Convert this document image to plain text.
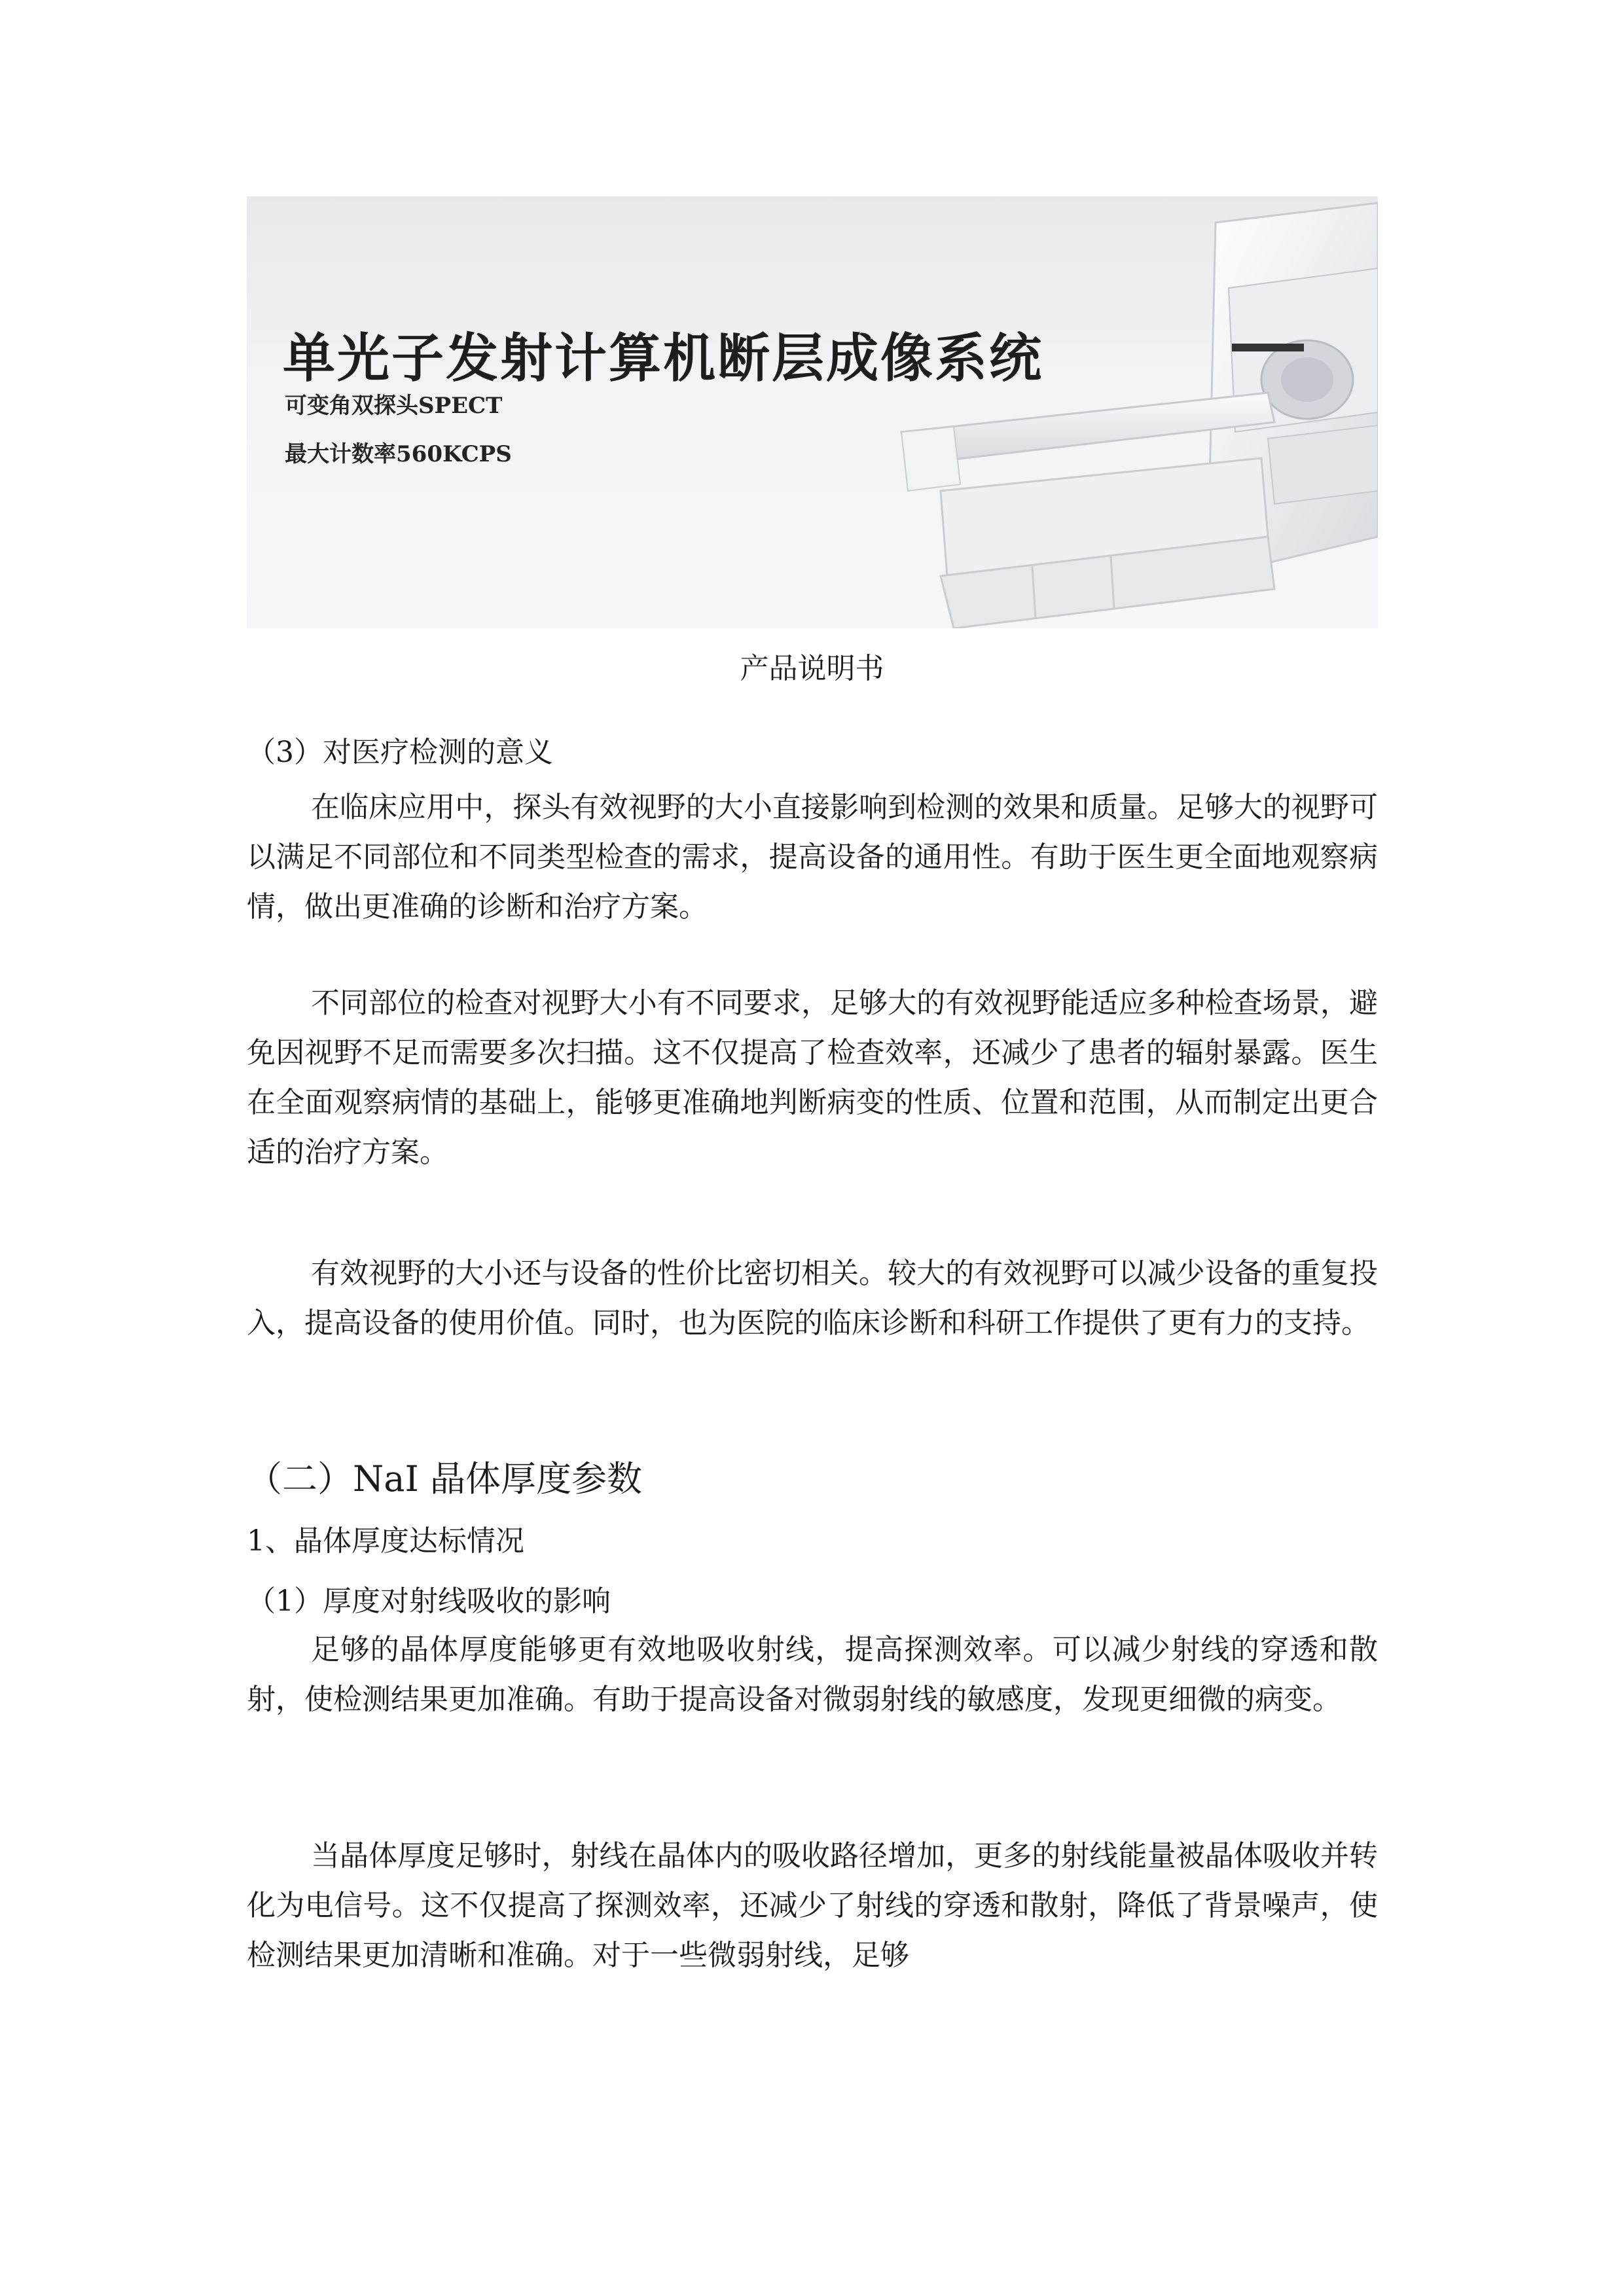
单光子发射计算机断层成像系统

可变角双探头SPECT

最大计数率560KCPS

产品说明书

（3）对医疗检测的意义

在临床应用中，探头有效视野的大小直接影响到检测的效果和质量。足够大的视野可以满足不同部位和不同类型检查的需求，提高设备的通用性。有助于医生更全面地观察病情，做出更准确的诊断和治疗方案。

不同部位的检查对视野大小有不同要求，足够大的有效视野能适应多种检查场景，避免因视野不足而需要多次扫描。这不仅提高了检查效率，还减少了患者的辐射暴露。医生在全面观察病情的基础上，能够更准确地判断病变的性质、位置和范围，从而制定出更合适的治疗方案。

有效视野的大小还与设备的性价比密切相关。较大的有效视野可以减少设备的重复投入，提高设备的使用价值。同时，也为医院的临床诊断和科研工作提供了更有力的支持。

（二）NaI 晶体厚度参数

1、晶体厚度达标情况

（1）厚度对射线吸收的影响

足够的晶体厚度能够更有效地吸收射线，提高探测效率。可以减少射线的穿透和散射，使检测结果更加准确。有助于提高设备对微弱射线的敏感度，发现更细微的病变。

当晶体厚度足够时，射线在晶体内的吸收路径增加，更多的射线能量被晶体吸收并转化为电信号。这不仅提高了探测效率，还减少了射线的穿透和散射，降低了背景噪声，使检测结果更加清晰和准确。对于一些微弱射线，足够
